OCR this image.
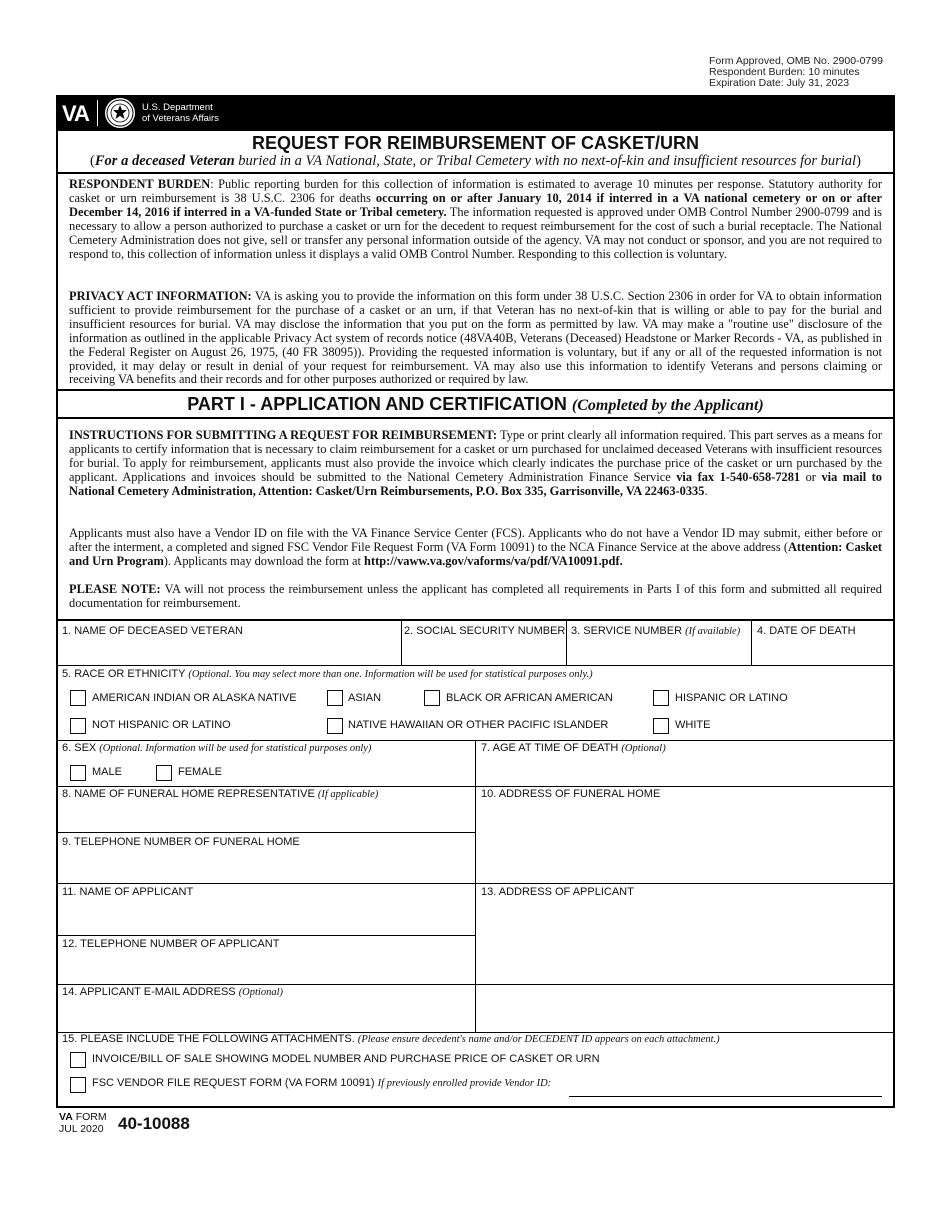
Form Approved, OMB No. 2900-0799
Respondent Burden: 10 minutes
Expiration Date: July 31, 2023
VA	U.S. Department
of Veterans Affairs
REQUEST FOR REIMBURSEMENT OF CASKET/URN
(For a deceased Veteran buried in a VA National, State, or Tribal Cemetery with no next-of-kin and insufficient resources for burial)
RESPONDENT BURDEN: Public reporting burden for this collection of information is estimated to average 10 minutes per response. Statutory authority for casket or urn reimbursement is 38 U.S.C. 2306 for deaths occurring on or after January 10, 2014 if interred in a VA national cemetery or on or after December 14, 2016 if interred in a VA-funded State or Tribal cemetery. The information requested is approved under OMB Control Number 2900-0799 and is necessary to allow a person authorized to purchase a casket or urn for the decedent to request reimbursement for the cost of such a burial receptacle. The National Cemetery Administration does not give, sell or transfer any personal information outside of the agency. VA may not conduct or sponsor, and you are not required to respond to, this collection of information unless it displays a valid OMB Control Number. Responding to this collection is voluntary.
PRIVACY ACT INFORMATION: VA is asking you to provide the information on this form under 38 U.S.C. Section 2306 in order for VA to obtain information sufficient to provide reimbursement for the purchase of a casket or an urn, if that Veteran has no next-of-kin that is willing or able to pay for the burial and insufficient resources for burial. VA may disclose the information that you put on the form as permitted by law. VA may make a "routine use" disclosure of the information as outlined in the applicable Privacy Act system of records notice (48VA40B, Veterans (Deceased) Headstone or Marker Records - VA, as published in the Federal Register on August 26, 1975, (40 FR 38095)). Providing the requested information is voluntary, but if any or all of the requested information is not provided, it may delay or result in denial of your request for reimbursement. VA may also use this information to identify Veterans and persons claiming or receiving VA benefits and their records and for other purposes authorized or required by law.
PART I - APPLICATION AND CERTIFICATION (Completed by the Applicant)
INSTRUCTIONS FOR SUBMITTING A REQUEST FOR REIMBURSEMENT: Type or print clearly all information required. This part serves as a means for applicants to certify information that is necessary to claim reimbursement for a casket or urn purchased for unclaimed deceased Veterans with insufficient resources for burial. To apply for reimbursement, applicants must also provide the invoice which clearly indicates the purchase price of the casket or urn purchased by the applicant. Applications and invoices should be submitted to the National Cemetery Administration Finance Service via fax 1-540-658-7281 or via mail to National Cemetery Administration, Attention: Casket/Urn Reimbursements, P.O. Box 335, Garrisonville, VA 22463-0335.
Applicants must also have a Vendor ID on file with the VA Finance Service Center (FCS). Applicants who do not have a Vendor ID may submit, either before or after the interment, a completed and signed FSC Vendor File Request Form (VA Form 10091) to the NCA Finance Service at the above address (Attention: Casket and Urn Program). Applicants may download the form at http://vaww.va.gov/vaforms/va/pdf/VA10091.pdf.
PLEASE NOTE: VA will not process the reimbursement unless the applicant has completed all requirements in Parts I of this form and submitted all required documentation for reimbursement.
1. NAME OF DECEASED VETERAN	2. SOCIAL SECURITY NUMBER 3. SERVICE NUMBER (If available) 4. DATE OF DEATH
5. RACE OR ETHNICITY (Optional. You may select more than one. Information will be used for statistical purposes only.)
AMERICAN INDIAN OR ALASKA NATIVE	ASIAN	BLACK OR AFRICAN AMERICAN	HISPANIC OR LATINO
NOT HISPANIC OR LATINO	NATIVE HAWAIIAN OR OTHER PACIFIC ISLANDER	WHITE
6. SEX (Optional. Information will be used for statistical purposes only)	7. AGE AT TIME OF DEATH (Optional)
MALE	FEMALE
8. NAME OF FUNERAL HOME REPRESENTATIVE (If applicable)	10. ADDRESS OF FUNERAL HOME
9. TELEPHONE NUMBER OF FUNERAL HOME
11. NAME OF APPLICANT	13. ADDRESS OF APPLICANT
12. TELEPHONE NUMBER OF APPLICANT
14. APPLICANT E-MAIL ADDRESS (Optional)
15. PLEASE INCLUDE THE FOLLOWING ATTACHMENTS. (Please ensure decedent's name and/or DECEDENT ID appears on each attachment.)
INVOICE/BILL OF SALE SHOWING MODEL NUMBER AND PURCHASE PRICE OF CASKET OR URN
FSC VENDOR FILE REQUEST FORM (VA FORM 10091) If previously enrolled provide Vendor ID:
VA FORM
JUL 2020 40-10088
